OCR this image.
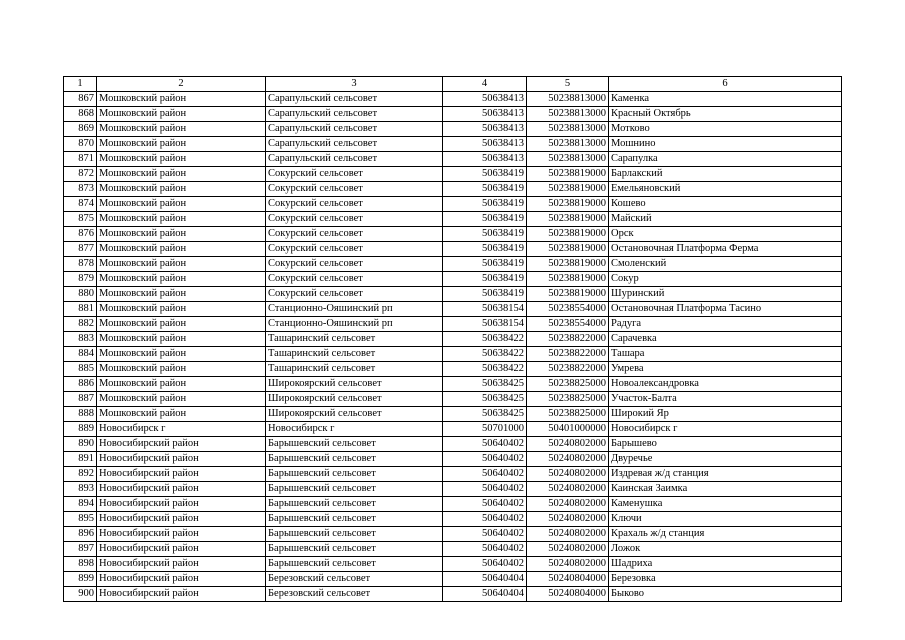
1	2	3	4	5	6
867	Мошковский район	Сарапульский сельсовет	50638413	50238813000	Каменка
868	Мошковский район	Сарапульский сельсовет	50638413	50238813000	Красный Октябрь
869	Мошковский район	Сарапульский сельсовет	50638413	50238813000	Мотково
870	Мошковский район	Сарапульский сельсовет	50638413	50238813000	Мошнино
871	Мошковский район	Сарапульский сельсовет	50638413	50238813000	Сарапулка
872	Мошковский район	Сокурский сельсовет	50638419	50238819000	Барлакский
873	Мошковский район	Сокурский сельсовет	50638419	50238819000	Емельяновский
874	Мошковский район	Сокурский сельсовет	50638419	50238819000	Кошево
875	Мошковский район	Сокурский сельсовет	50638419	50238819000	Майский
876	Мошковский район	Сокурский сельсовет	50638419	50238819000	Орск
877	Мошковский район	Сокурский сельсовет	50638419	50238819000	Остановочная Платформа Ферма
878	Мошковский район	Сокурский сельсовет	50638419	50238819000	Смоленский
879	Мошковский район	Сокурский сельсовет	50638419	50238819000	Сокур
880	Мошковский район	Сокурский сельсовет	50638419	50238819000	Шуринский
881	Мошковский район	Станционно-Ояшинский рп	50638154	50238554000	Остановочная Платформа Тасино
882	Мошковский район	Станционно-Ояшинский рп	50638154	50238554000	Радуга
883	Мошковский район	Ташаринский сельсовет	50638422	50238822000	Сарачевка
884	Мошковский район	Ташаринский сельсовет	50638422	50238822000	Ташара
885	Мошковский район	Ташаринский сельсовет	50638422	50238822000	Умрева
886	Мошковский район	Широкоярский сельсовет	50638425	50238825000	Новоалександровка
887	Мошковский район	Широкоярский сельсовет	50638425	50238825000	Участок-Балта
888	Мошковский район	Широкоярский сельсовет	50638425	50238825000	Широкий Яр
889	Новосибирск г	Новосибирск г	50701000	50401000000	Новосибирск г
890	Новосибирский район	Барышевский сельсовет	50640402	50240802000	Барышево
891	Новосибирский район	Барышевский сельсовет	50640402	50240802000	Двуречье
892	Новосибирский район	Барышевский сельсовет	50640402	50240802000	Издревая ж/д станция
893	Новосибирский район	Барышевский сельсовет	50640402	50240802000	Каинская Заимка
894	Новосибирский район	Барышевский сельсовет	50640402	50240802000	Каменушка
895	Новосибирский район	Барышевский сельсовет	50640402	50240802000	Ключи
896	Новосибирский район	Барышевский сельсовет	50640402	50240802000	Крахаль ж/д станция
897	Новосибирский район	Барышевский сельсовет	50640402	50240802000	Ложок
898	Новосибирский район	Барышевский сельсовет	50640402	50240802000	Шадриха
899	Новосибирский район	Березовский сельсовет	50640404	50240804000	Березовка
900	Новосибирский район	Березовский сельсовет	50640404	50240804000	Быково
